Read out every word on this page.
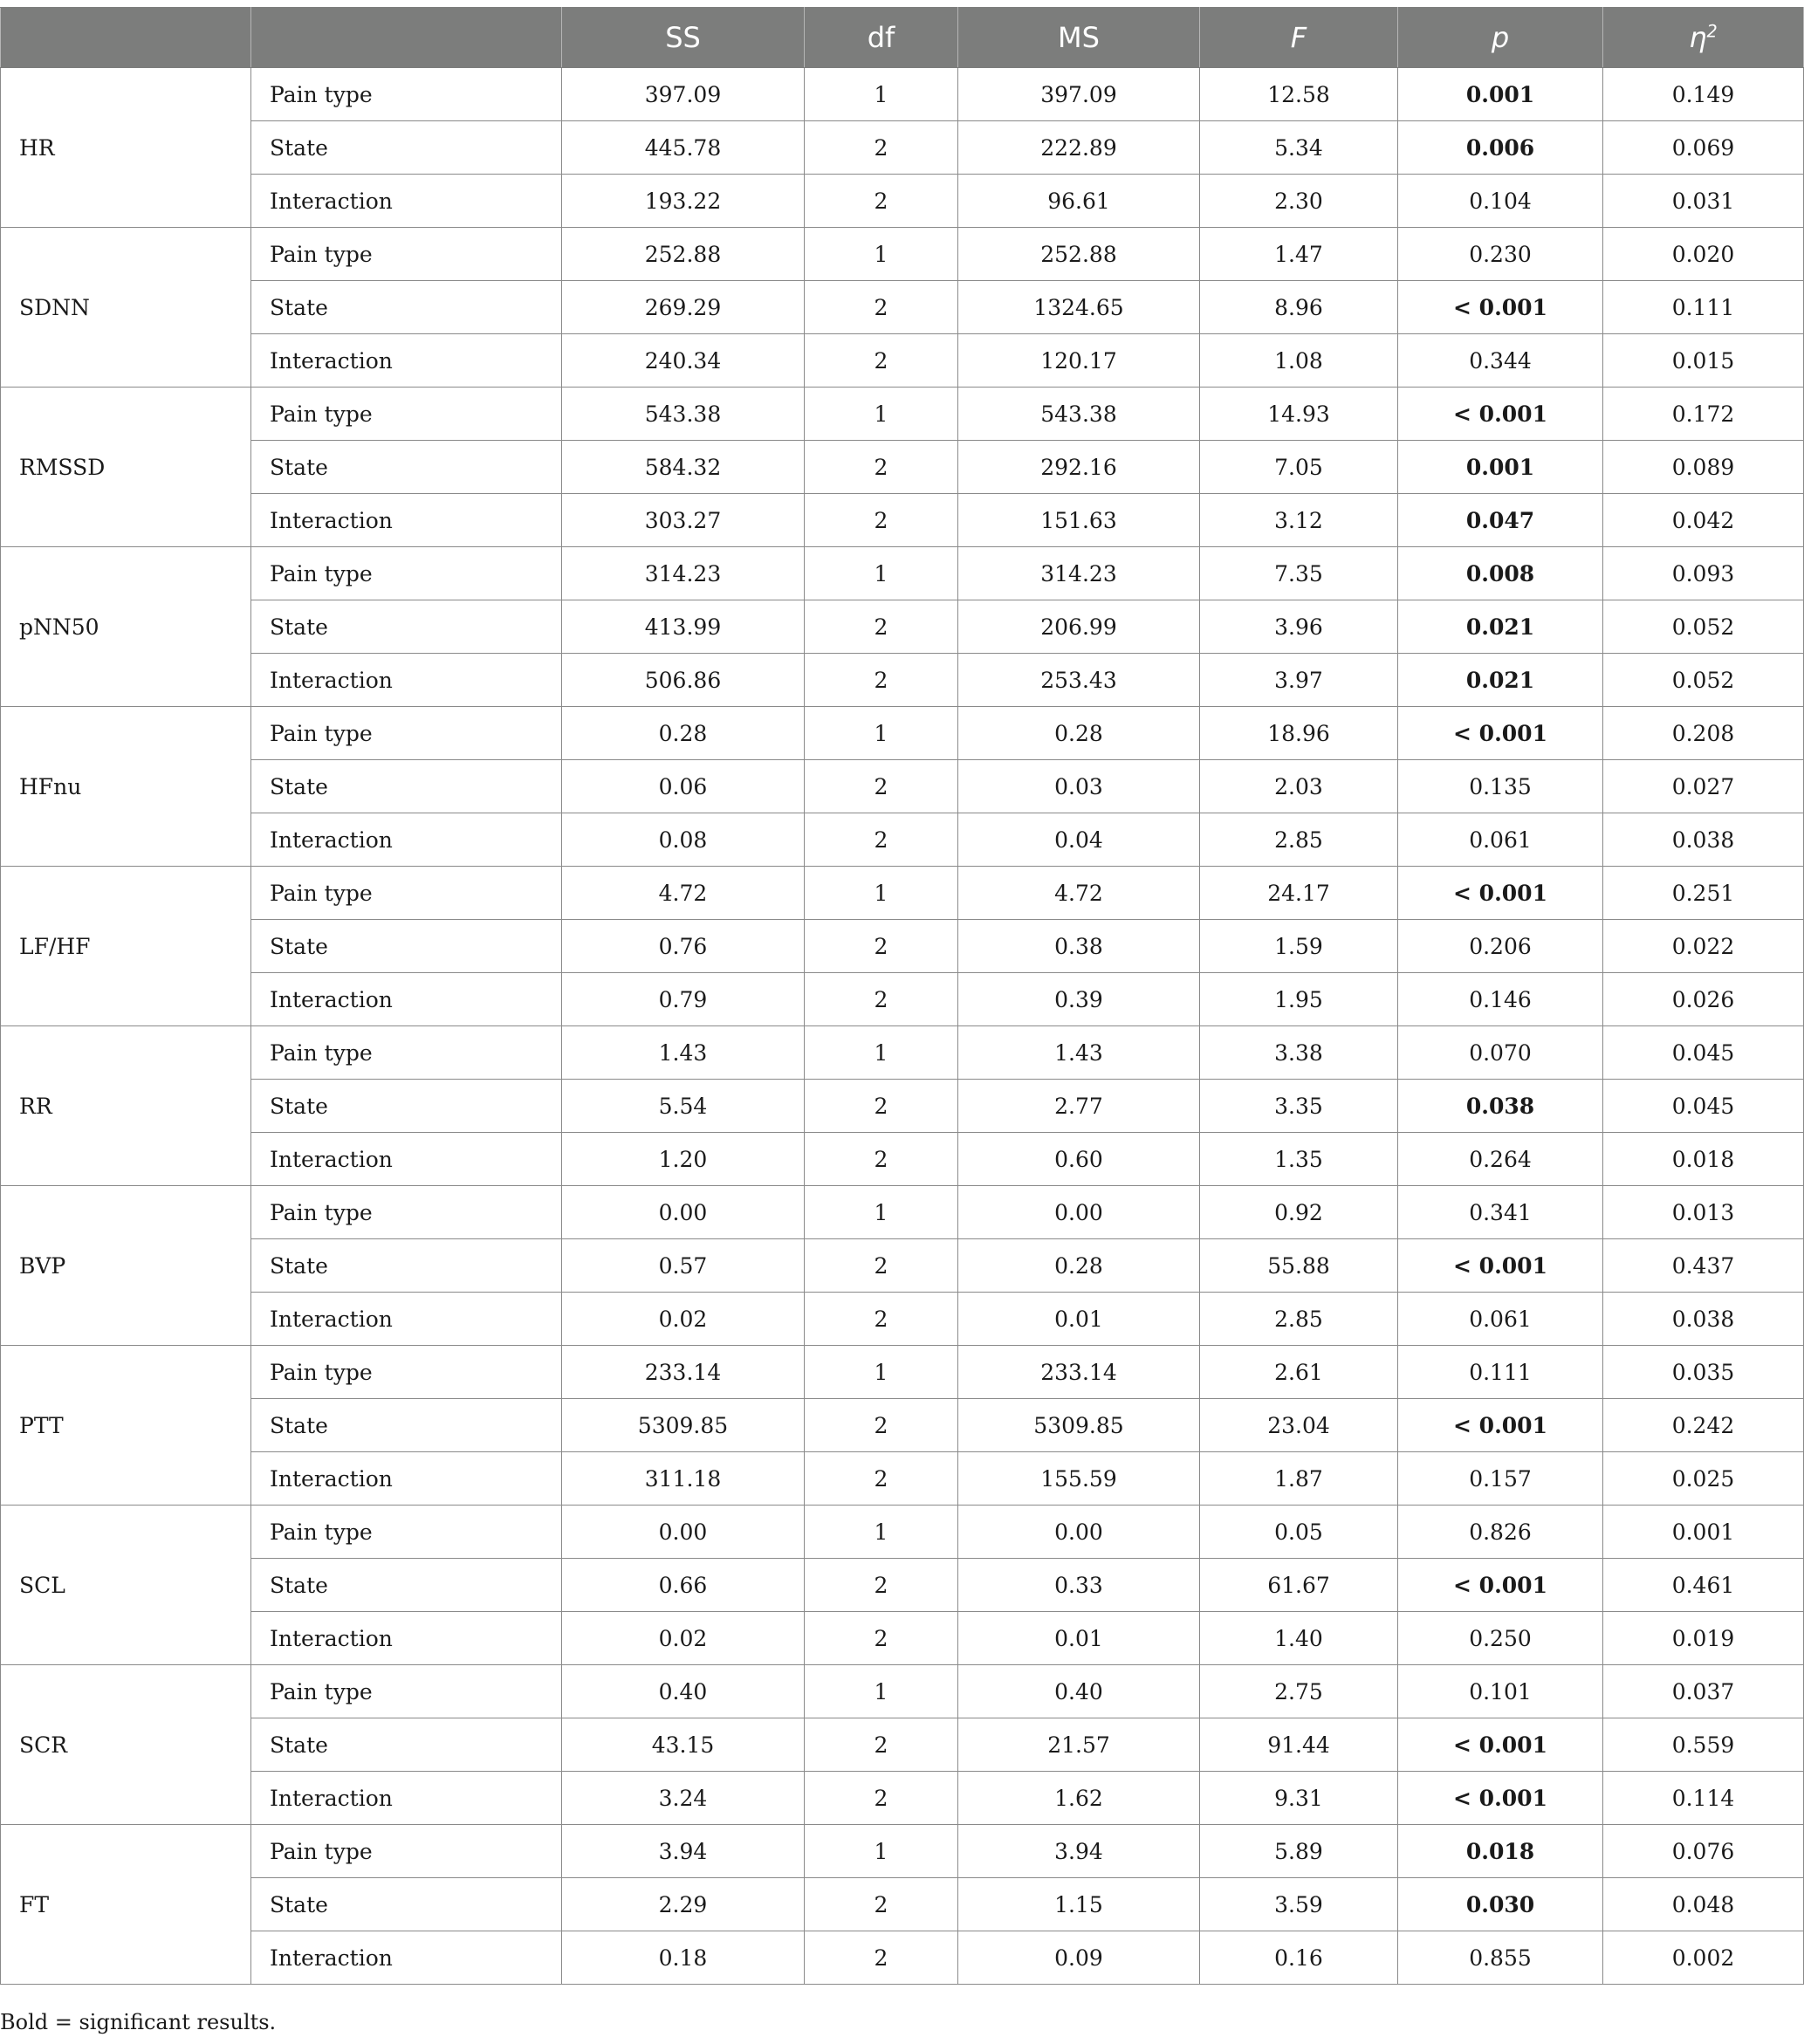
		SS	df	MS	F	p	$\eta^2$
HR	Pain type	397.09	1	397.09	12.58	0.001	0.149
	State	445.78	2	222.89	5.34	0.006	0.069
	Interaction	193.22	2	96.61	2.30	0.104	0.031
SDNN	Pain type	252.88	1	252.88	1.47	0.230	0.020
	State	269.29	2	1324.65	8.96	< 0.001	0.111
	Interaction	240.34	2	120.17	1.08	0.344	0.015
RMSSD	Pain type	543.38	1	543.38	14.93	< 0.001	0.172
	State	584.32	2	292.16	7.05	0.001	0.089
	Interaction	303.27	2	151.63	3.12	0.047	0.042
pNN50	Pain type	314.23	1	314.23	7.35	0.008	0.093
	State	413.99	2	206.99	3.96	0.021	0.052
	Interaction	506.86	2	253.43	3.97	0.021	0.052
HFnu	Pain type	0.28	1	0.28	18.96	< 0.001	0.208
	State	0.06	2	0.03	2.03	0.135	0.027
	Interaction	0.08	2	0.04	2.85	0.061	0.038
LF/HF	Pain type	4.72	1	4.72	24.17	< 0.001	0.251
	State	0.76	2	0.38	1.59	0.206	0.022
	Interaction	0.79	2	0.39	1.95	0.146	0.026
RR	Pain type	1.43	1	1.43	3.38	0.070	0.045
	State	5.54	2	2.77	3.35	0.038	0.045
	Interaction	1.20	2	0.60	1.35	0.264	0.018
BVP	Pain type	0.00	1	0.00	0.92	0.341	0.013
	State	0.57	2	0.28	55.88	< 0.001	0.437
	Interaction	0.02	2	0.01	2.85	0.061	0.038
PTT	Pain type	233.14	1	233.14	2.61	0.111	0.035
	State	5309.85	2	5309.85	23.04	< 0.001	0.242
	Interaction	311.18	2	155.59	1.87	0.157	0.025
SCL	Pain type	0.00	1	0.00	0.05	0.826	0.001
	State	0.66	2	0.33	61.67	< 0.001	0.461
	Interaction	0.02	2	0.01	1.40	0.250	0.019
SCR	Pain type	0.40	1	0.40	2.75	0.101	0.037
	State	43.15	2	21.57	91.44	< 0.001	0.559
	Interaction	3.24	2	1.62	9.31	< 0.001	0.114
FT	Pain type	3.94	1	3.94	5.89	0.018	0.076
	State	2.29	2	1.15	3.59	0.030	0.048
	Interaction	0.18	2	0.09	0.16	0.855	0.002
Bold = significant results.
